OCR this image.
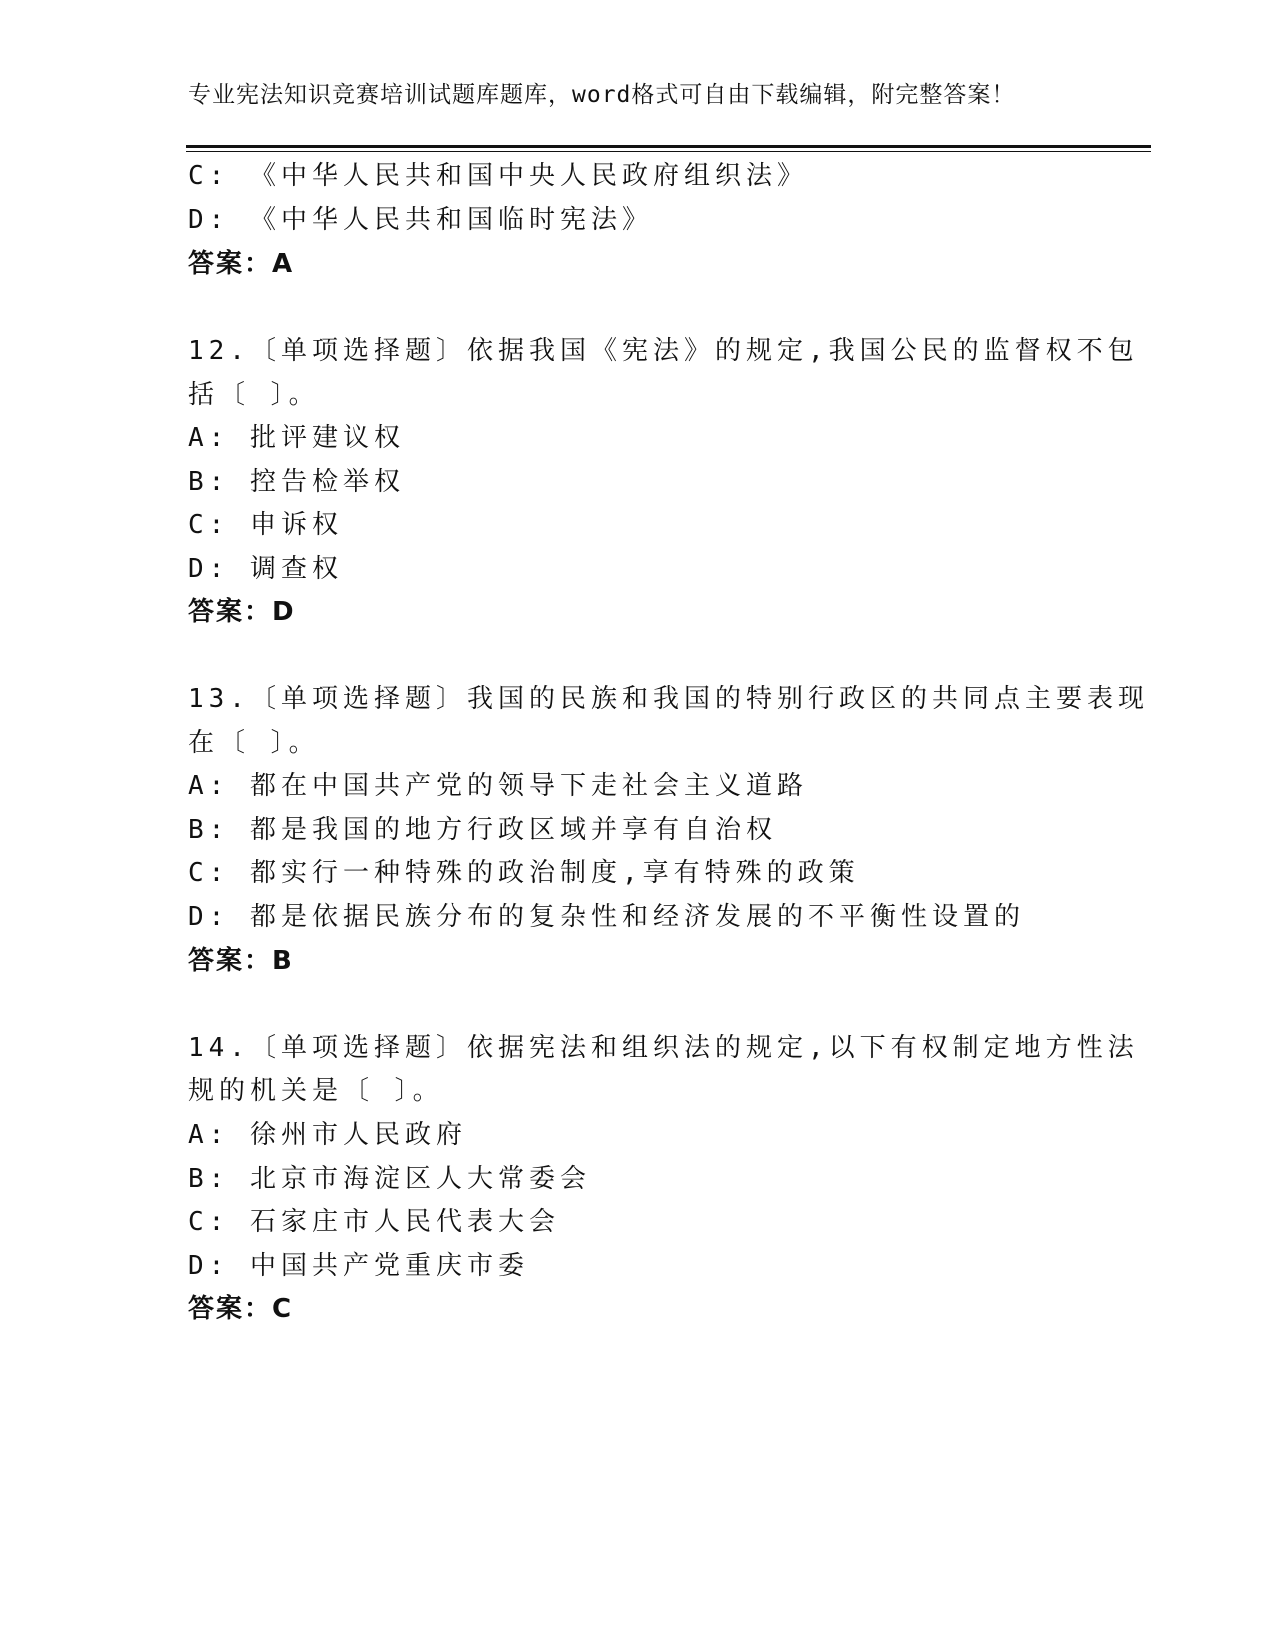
专业宪法知识竞赛培训试题库题库，word格式可自由下载编辑，附完整答案！
C: 《中华人民共和国中央人民政府组织法》
D: 《中华人民共和国临时宪法》
答案：A
12.〔单项选择题〕依据我国《宪法》的规定,我国公民的监督权不包
括〔 〕。
A: 批评建议权
B: 控告检举权
C: 申诉权
D: 调查权
答案：D
13.〔单项选择题〕我国的民族和我国的特别行政区的共同点主要表现
在〔 〕。
A: 都在中国共产党的领导下走社会主义道路
B: 都是我国的地方行政区域并享有自治权
C: 都实行一种特殊的政治制度,享有特殊的政策
D: 都是依据民族分布的复杂性和经济发展的不平衡性设置的
答案：B
14.〔单项选择题〕依据宪法和组织法的规定,以下有权制定地方性法
规的机关是〔 〕。
A: 徐州市人民政府
B: 北京市海淀区人大常委会
C: 石家庄市人民代表大会
D: 中国共产党重庆市委
答案：C
